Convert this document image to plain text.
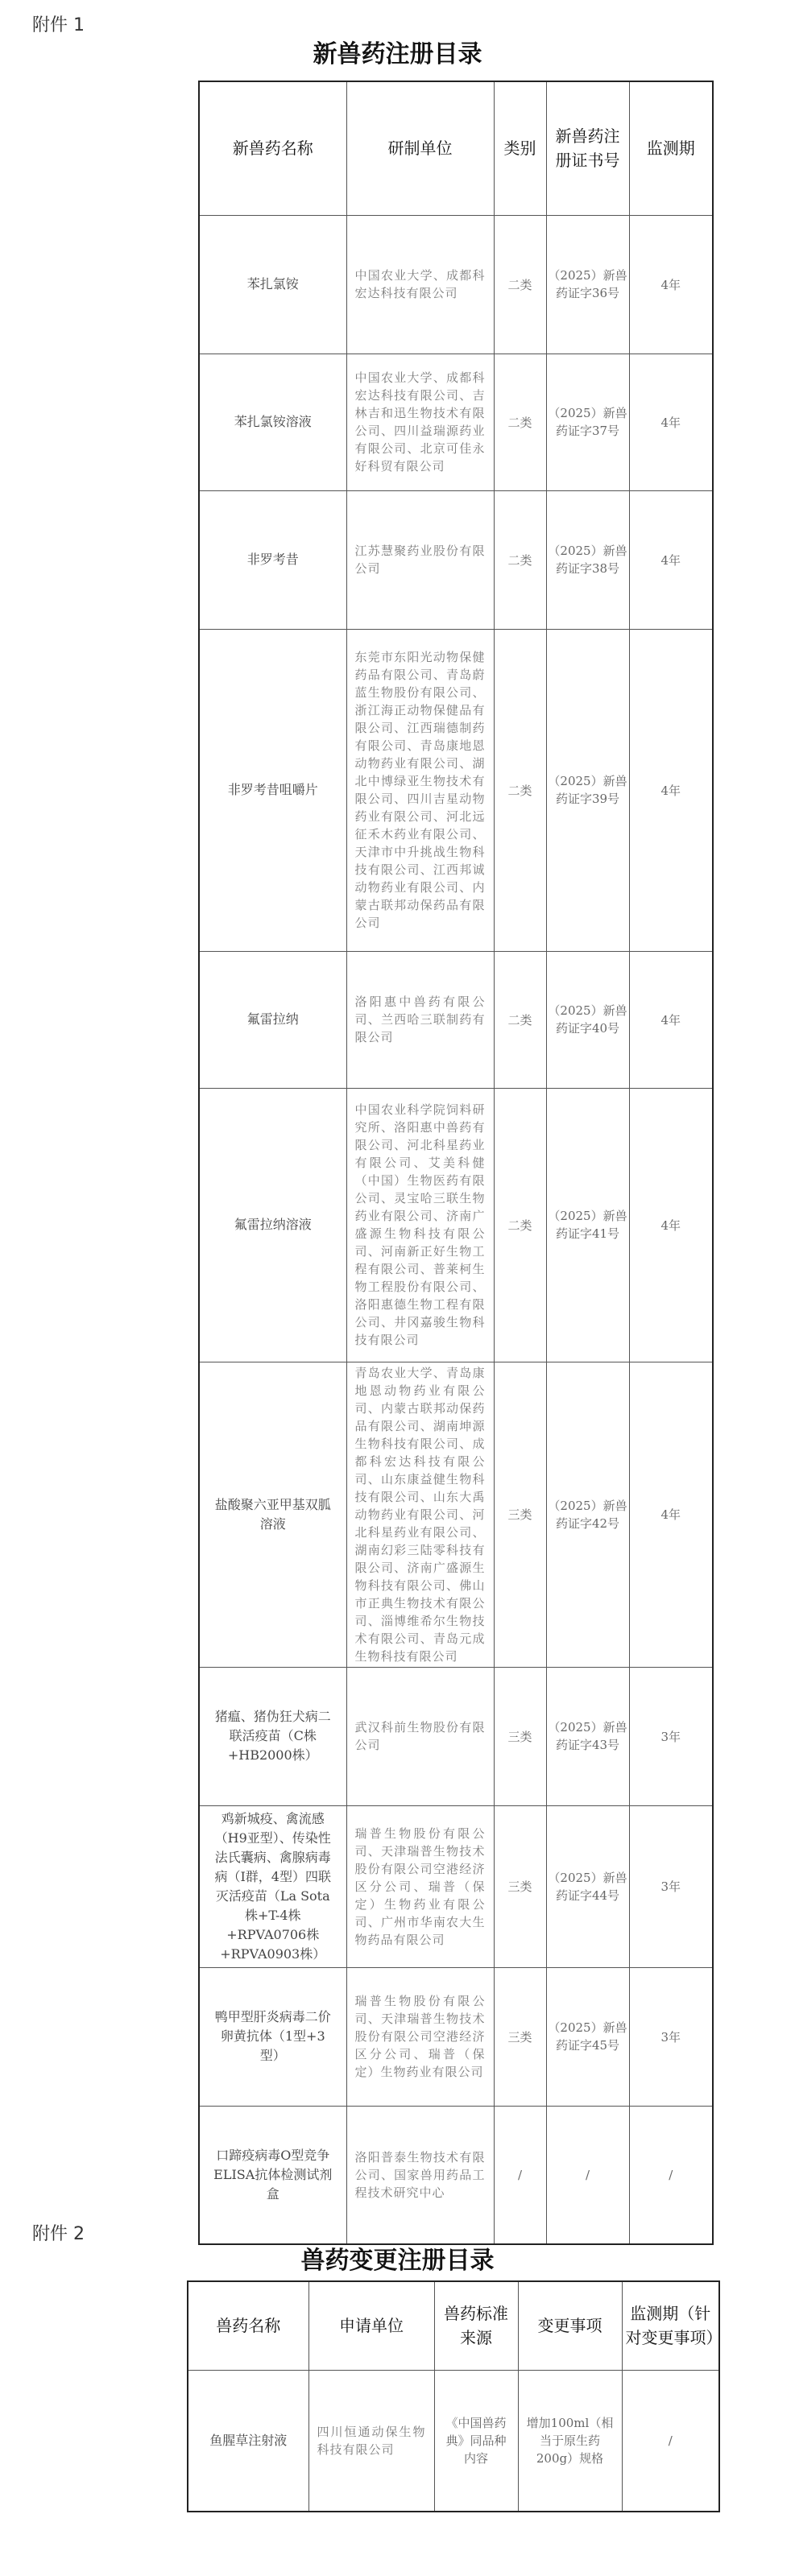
附件 1
新兽药注册目录
新兽药名称	研制单位	类别	新兽药注册证书号	监测期
苯扎氯铵	中国农业大学、成都科宏达科技有限公司	二类	（2025）新兽药证字36号	4年
苯扎氯铵溶液	中国农业大学、成都科宏达科技有限公司、吉林吉和迅生物技术有限公司、四川益瑞源药业有限公司、北京可佳永好科贸有限公司	二类	（2025）新兽药证字37号	4年
非罗考昔	江苏慧聚药业股份有限公司	二类	（2025）新兽药证字38号	4年
非罗考昔咀嚼片	东莞市东阳光动物保健药品有限公司、青岛蔚蓝生物股份有限公司、浙江海正动物保健品有限公司、江西瑞德制药有限公司、青岛康地恩动物药业有限公司、湖北中博绿亚生物技术有限公司、四川吉星动物药业有限公司、河北远征禾木药业有限公司、天津市中升挑战生物科技有限公司、江西邦诚动物药业有限公司、内蒙古联邦动保药品有限公司	二类	（2025）新兽药证字39号	4年
氟雷拉纳	洛阳惠中兽药有限公司、兰西哈三联制药有限公司	二类	（2025）新兽药证字40号	4年
氟雷拉纳溶液	中国农业科学院饲料研究所、洛阳惠中兽药有限公司、河北科星药业有限公司、艾美科健（中国）生物医药有限公司、灵宝哈三联生物药业有限公司、济南广盛源生物科技有限公司、河南新正好生物工程有限公司、普莱柯生物工程股份有限公司、洛阳惠德生物工程有限公司、井冈嘉骏生物科技有限公司	二类	（2025）新兽药证字41号	4年
盐酸聚六亚甲基双胍溶液	青岛农业大学、青岛康地恩动物药业有限公司、内蒙古联邦动保药品有限公司、湖南坤源生物科技有限公司、成都科宏达科技有限公司、山东康益健生物科技有限公司、山东大禹动物药业有限公司、河北科星药业有限公司、湖南幻彩三陆零科技有限公司、济南广盛源生物科技有限公司、佛山市正典生物技术有限公司、淄博维希尔生物技术有限公司、青岛元成生物科技有限公司	三类	（2025）新兽药证字42号	4年
猪瘟、猪伪狂犬病二联活疫苗（C株+HB2000株）	武汉科前生物股份有限公司	三类	（2025）新兽药证字43号	3年
鸡新城疫、禽流感（H9亚型）、传染性法氏囊病、禽腺病毒病（I群，4型）四联灭活疫苗（La Sota株+T-4株+RPVA0706株+RPVA0903株）	瑞普生物股份有限公司、天津瑞普生物技术股份有限公司空港经济区分公司、瑞普（保定）生物药业有限公司、广州市华南农大生物药品有限公司	三类	（2025）新兽药证字44号	3年
鸭甲型肝炎病毒二价卵黄抗体（1型+3型）	瑞普生物股份有限公司、天津瑞普生物技术股份有限公司空港经济区分公司、瑞普（保定）生物药业有限公司	三类	（2025）新兽药证字45号	3年
口蹄疫病毒O型竞争ELISA抗体检测试剂盒	洛阳普泰生物技术有限公司、国家兽用药品工程技术研究中心	/	/	/
附件 2
兽药变更注册目录
兽药名称	申请单位	兽药标准来源	变更事项	监测期（针对变更事项）
鱼腥草注射液	四川恒通动保生物科技有限公司	《中国兽药典》同品种内容	增加100ml（相当于原生药200g）规格	/
